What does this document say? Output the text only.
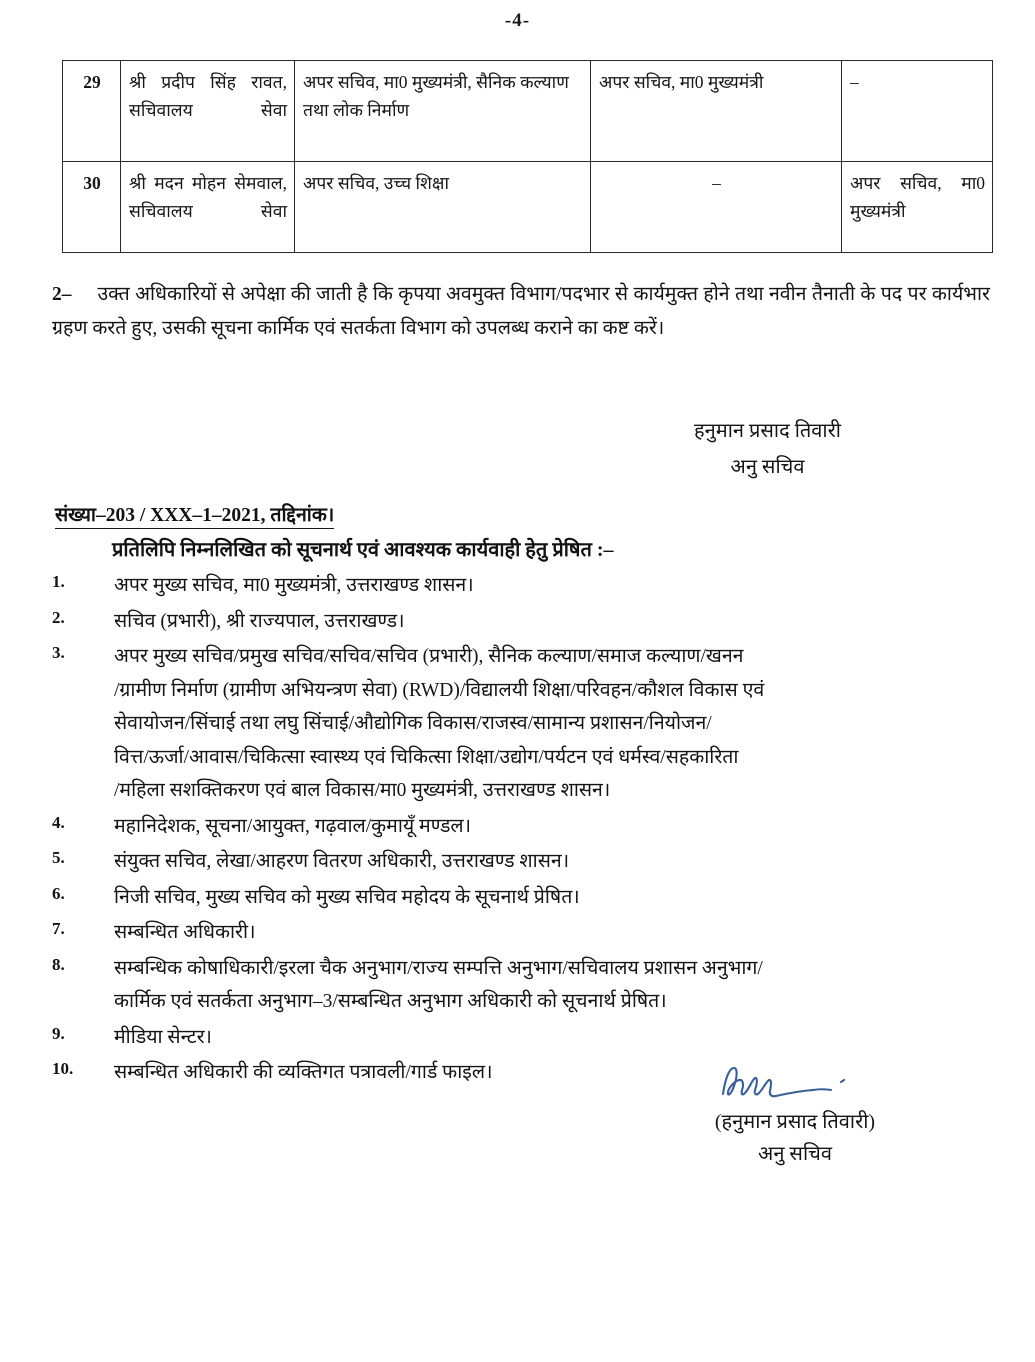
-4-
29	श्री प्रदीप सिंह रावत, सचिवालय सेवा	अपर सचिव, मा0 मुख्यमंत्री, सैनिक कल्याण तथा लोक निर्माण	अपर सचिव, मा0 मुख्यमंत्री	–
30	श्री मदन मोहन सेमवाल, सचिवालय सेवा	अपर सचिव, उच्च शिक्षा	–	अपर सचिव, मा0 मुख्यमंत्री
2– उक्त अधिकारियों से अपेक्षा की जाती है कि कृपया अवमुक्त विभाग/पदभार से कार्यमुक्त होने तथा नवीन तैनाती के पद पर कार्यभार ग्रहण करते हुए, उसकी सूचना कार्मिक एवं सतर्कता विभाग को उपलब्ध कराने का कष्ट करें।
हनुमान प्रसाद तिवारी
अनु सचिव
संख्या–203 / XXX–1–2021, तद्दिनांक।
प्रतिलिपि निम्नलिखित को सूचनार्थ एवं आवश्यक कार्यवाही हेतु प्रेषित :–
1.	अपर मुख्य सचिव, मा0 मुख्यमंत्री, उत्तराखण्ड शासन।
2.	सचिव (प्रभारी), श्री राज्यपाल, उत्तराखण्ड।
3.	अपर मुख्य सचिव/प्रमुख सचिव/सचिव/सचिव (प्रभारी), सैनिक कल्याण/समाज कल्याण/खनन
/ग्रामीण निर्माण (ग्रामीण अभियन्त्रण सेवा) (RWD)/विद्यालयी शिक्षा/परिवहन/कौशल विकास एवं
सेवायोजन/सिंचाई तथा लघु सिंचाई/औद्योगिक विकास/राजस्व/सामान्य प्रशासन/नियोजन/
वित्त/ऊर्जा/आवास/चिकित्सा स्वास्थ्य एवं चिकित्सा शिक्षा/उद्योग/पर्यटन एवं धर्मस्व/सहकारिता
/महिला सशक्तिकरण एवं बाल विकास/मा0 मुख्यमंत्री, उत्तराखण्ड शासन।
4.	महानिदेशक, सूचना/आयुक्त, गढ़वाल/कुमायूँ मण्डल।
5.	संयुक्त सचिव, लेखा/आहरण वितरण अधिकारी, उत्तराखण्ड शासन।
6.	निजी सचिव, मुख्य सचिव को मुख्य सचिव महोदय के सूचनार्थ प्रेषित।
7.	सम्बन्धित अधिकारी।
8.	सम्बन्धिक कोषाधिकारी/इरला चैक अनुभाग/राज्य सम्पत्ति अनुभाग/सचिवालय प्रशासन अनुभाग/
कार्मिक एवं सतर्कता अनुभाग–3/सम्बन्धित अनुभाग अधिकारी को सूचनार्थ प्रेषित।
9.	मीडिया सेन्टर।
10.	सम्बन्धित अधिकारी की व्यक्तिगत पत्रावली/गार्ड फाइल।
(हनुमान प्रसाद तिवारी)
अनु सचिव
